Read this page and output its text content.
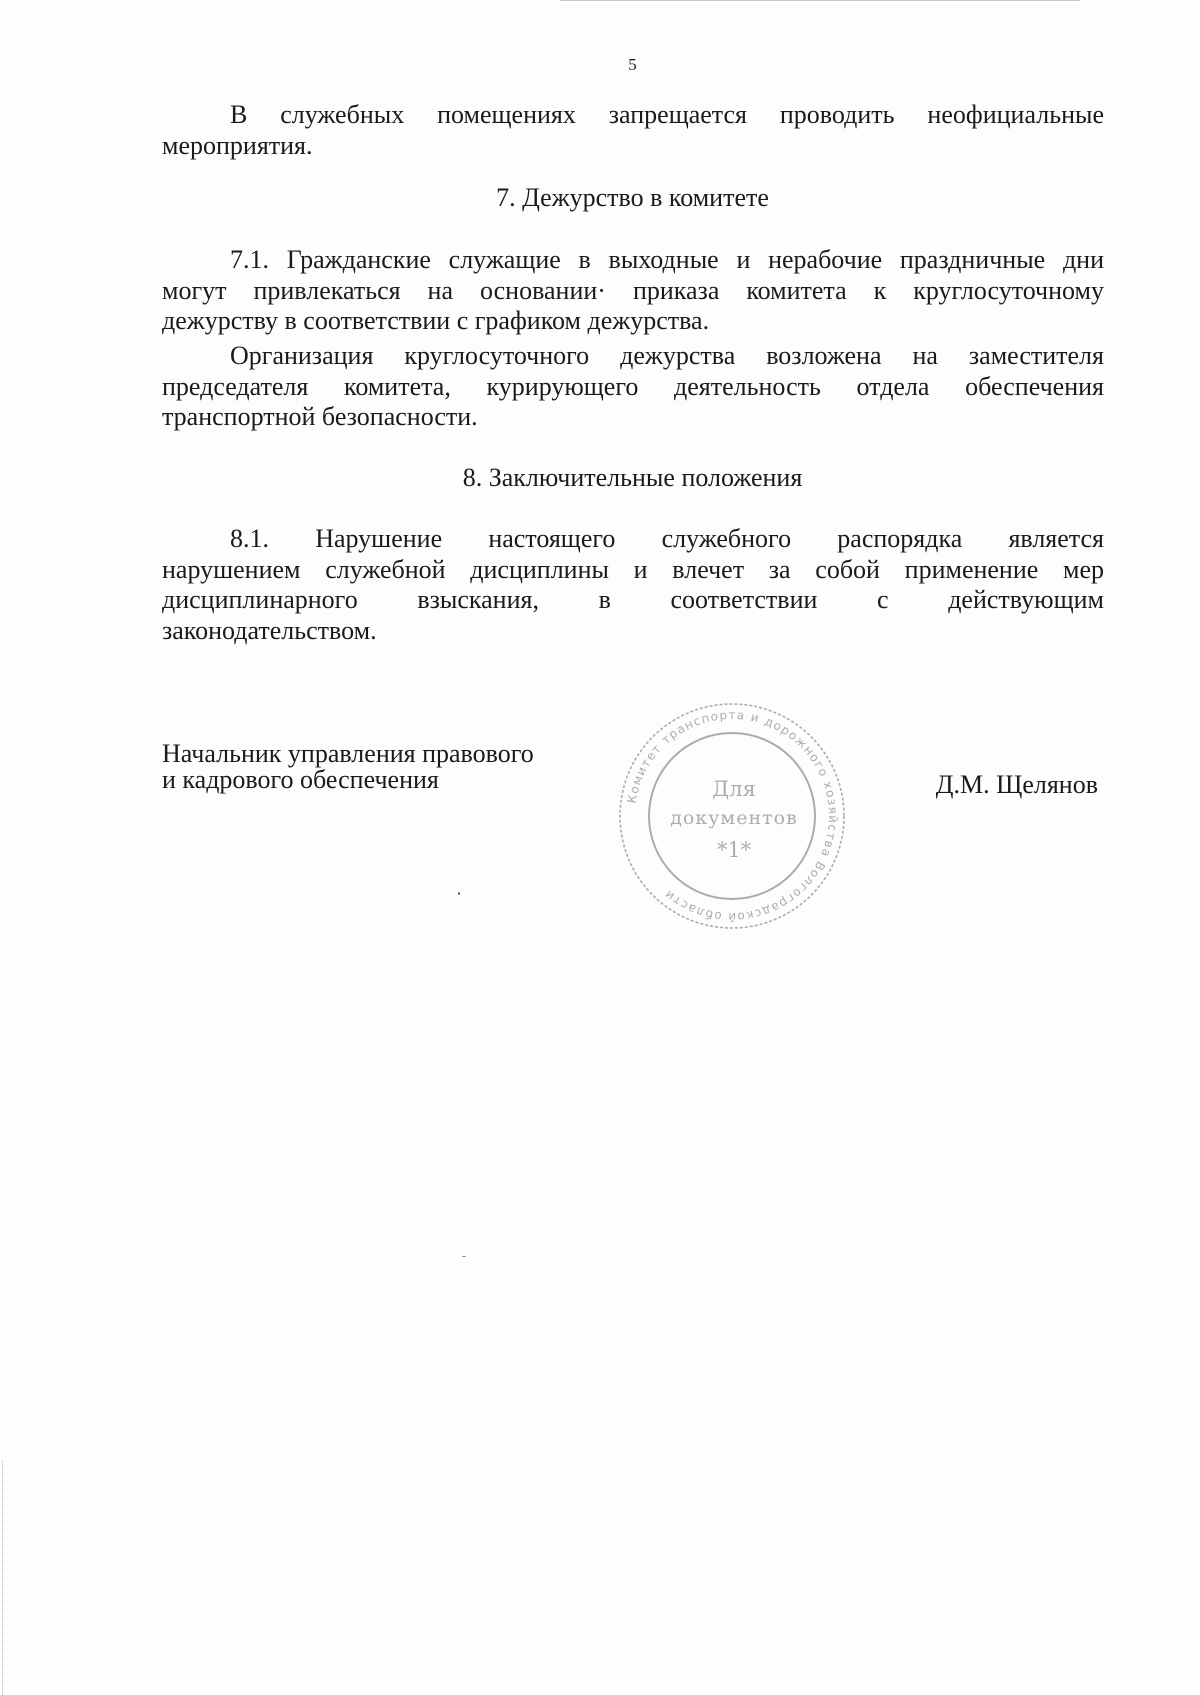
5
В служебных помещениях запрещается проводить неофициальные
мероприятия.
7. Дежурство в комитете
7.1. Гражданские служащие в выходные и нерабочие праздничные дни
могут привлекаться на основании· приказа комитета к круглосуточному
дежурству в соответствии с графиком дежурства.
Организация круглосуточного дежурства возложена на заместителя
председателя комитета, курирующего деятельность отдела обеспечения
транспортной безопасности.
8. Заключительные положения
8.1. Нарушение настоящего служебного распорядка является
нарушением служебной дисциплины и влечет за собой применение мер
дисциплинарного взыскания, в соответствии с действующим
законодательством.
Начальник управления правового
и кадрового обеспечения	Д.М. Щелянов
Комитет транспорта и дорожного хозяйства Волгоградской области
Для
документов
*1*
